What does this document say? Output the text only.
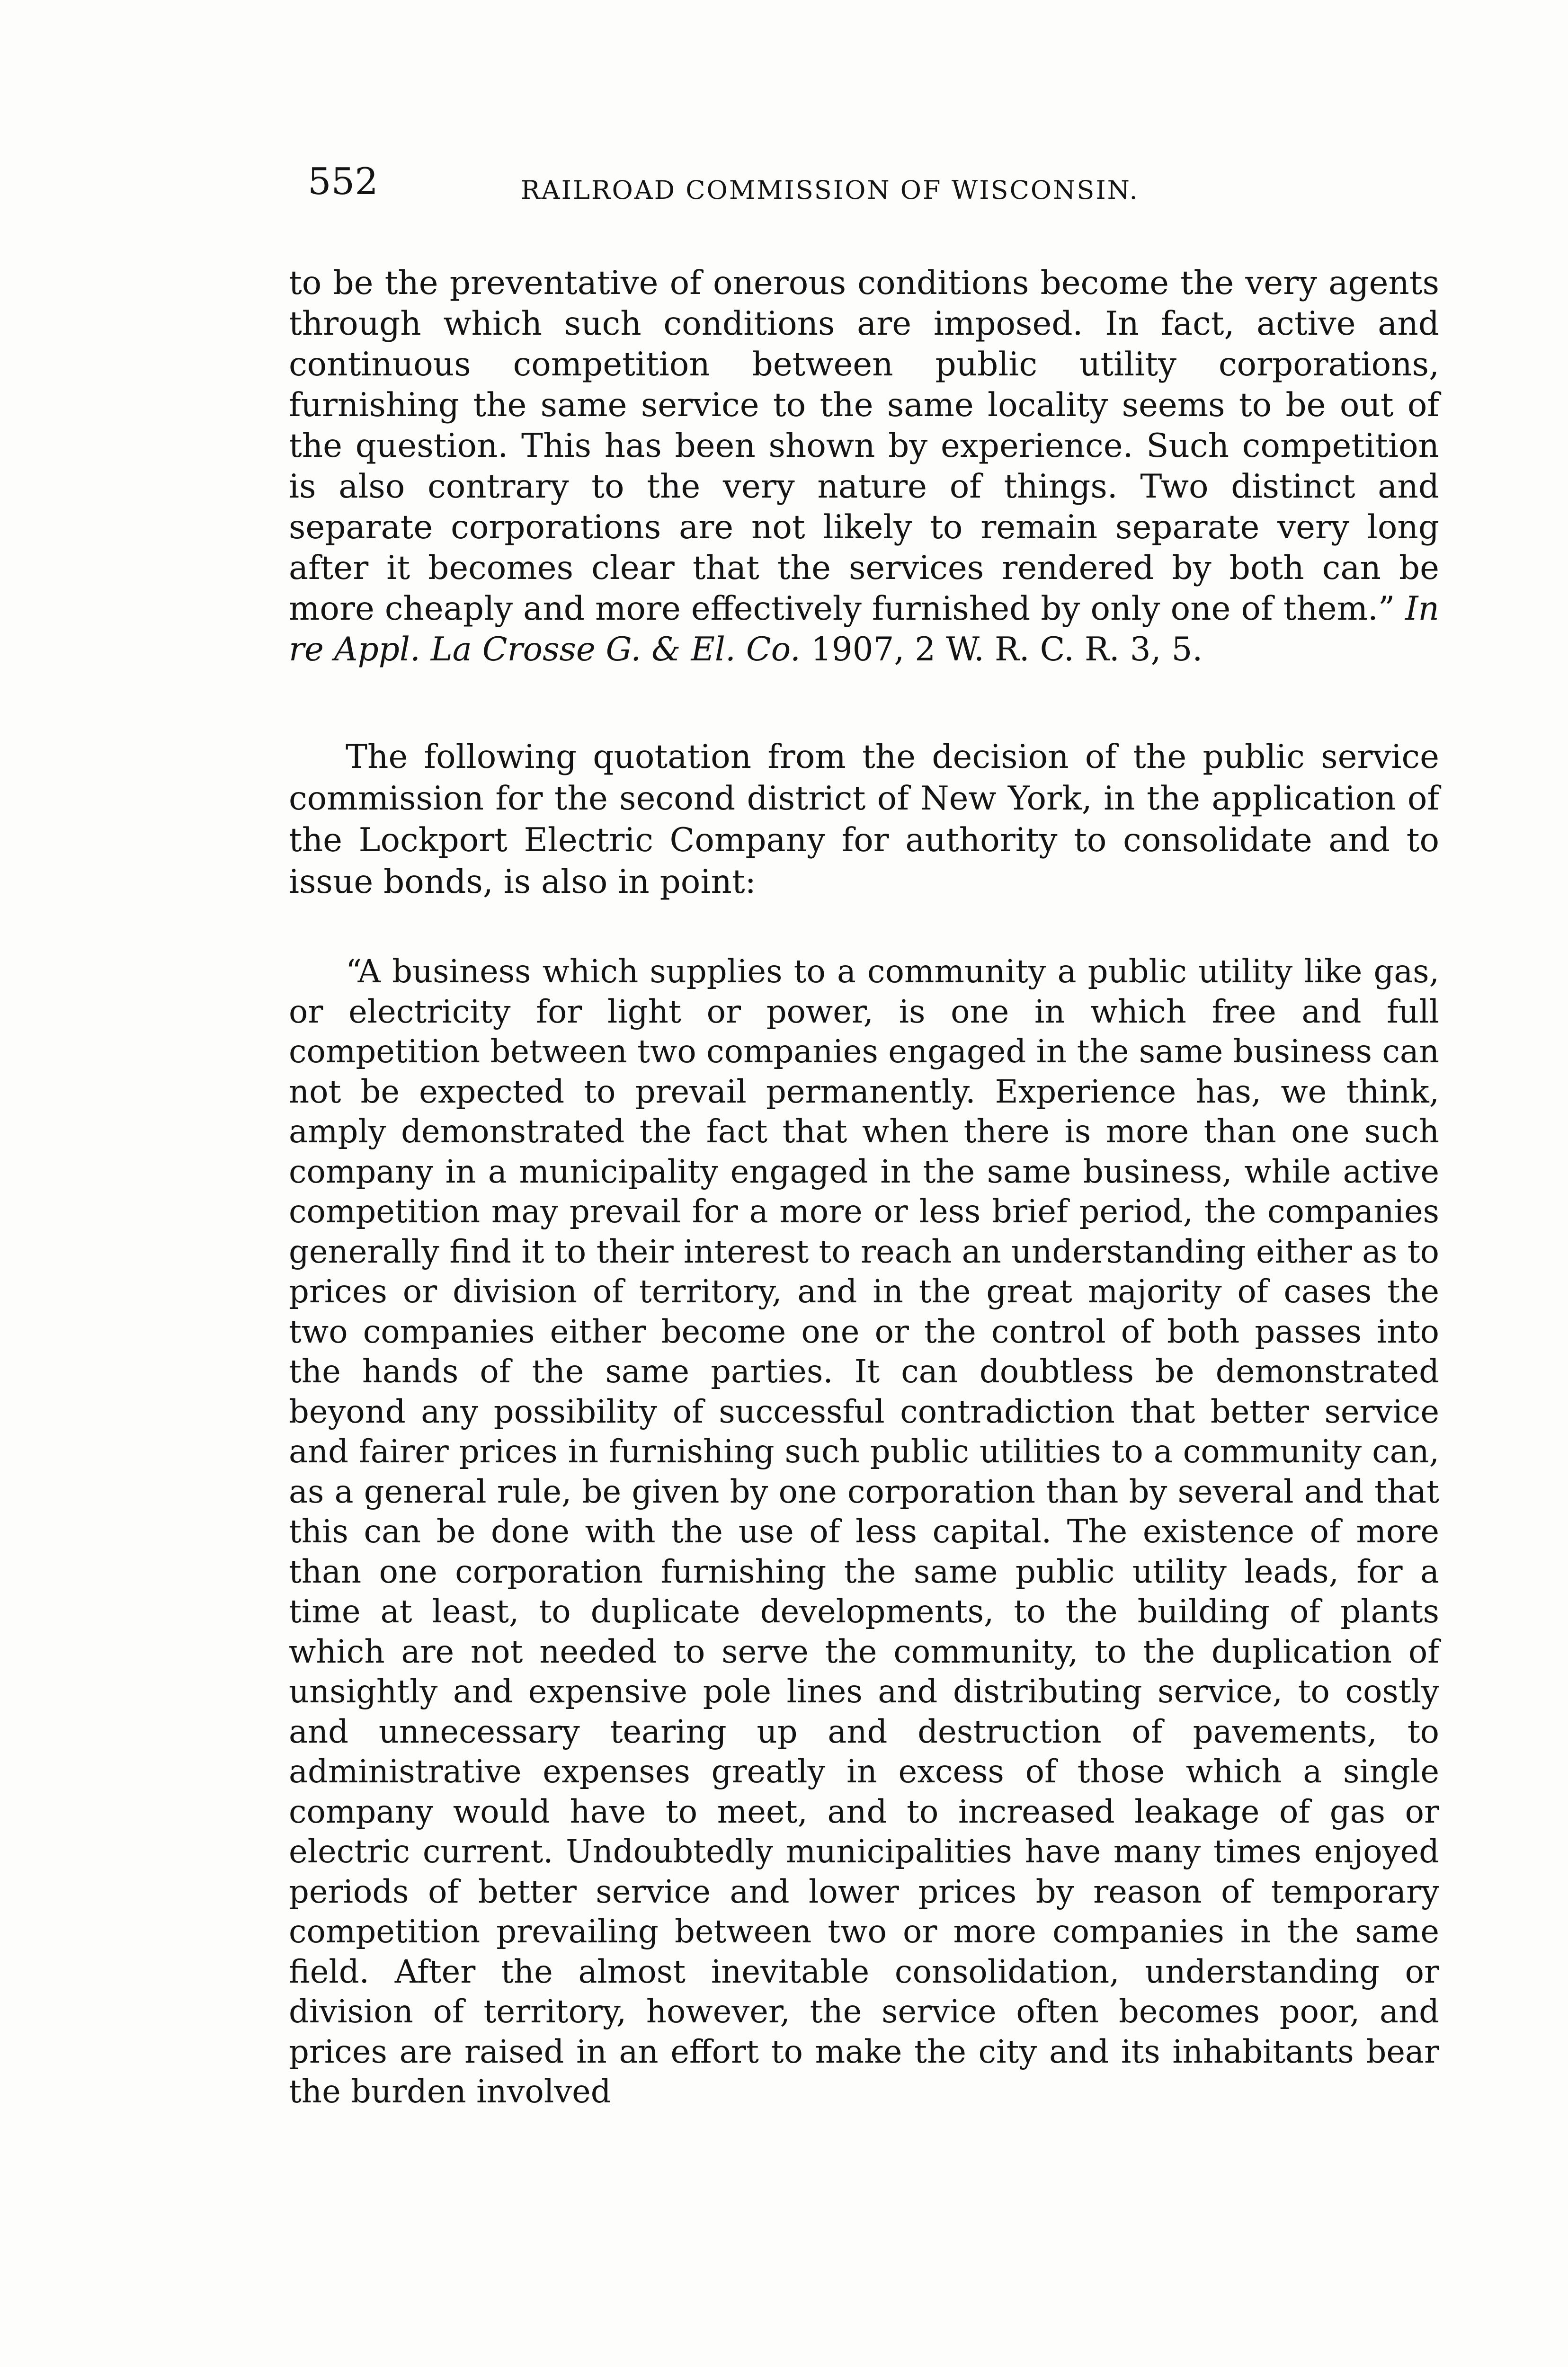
552	RAILROAD COMMISSION OF WISCONSIN.
to be the preventative of onerous conditions become the very agents through which such conditions are imposed. In fact, active and continuous competition between public utility corporations, furnishing the same service to the same locality seems to be out of the question. This has been shown by experience. Such competition is also contrary to the very nature of things. Two distinct and separate corporations are not likely to remain separate very long after it becomes clear that the services rendered by both can be more cheaply and more effectively furnished by only one of them.” In re Appl. La Crosse G. & El. Co. 1907, 2 W. R. C. R. 3, 5.
The following quotation from the decision of the public service commission for the second district of New York, in the application of the Lockport Electric Company for authority to consolidate and to issue bonds, is also in point:
“A business which supplies to a community a public utility like gas, or electricity for light or power, is one in which free and full competition between two companies engaged in the same business can not be expected to prevail permanently. Experience has, we think, amply demonstrated the fact that when there is more than one such company in a municipality engaged in the same business, while active competition may prevail for a more or less brief period, the companies generally find it to their interest to reach an understanding either as to prices or division of territory, and in the great majority of cases the two companies either become one or the control of both passes into the hands of the same parties. It can doubtless be demonstrated beyond any possibility of successful contradiction that better service and fairer prices in furnishing such public utilities to a community can, as a general rule, be given by one corporation than by several and that this can be done with the use of less capital. The existence of more than one corporation furnishing the same public utility leads, for a time at least, to duplicate developments, to the building of plants which are not needed to serve the community, to the duplication of unsightly and expensive pole lines and distributing service, to costly and unnecessary tearing up and destruction of pavements, to administrative expenses greatly in excess of those which a single company would have to meet, and to increased leakage of gas or electric current. Undoubtedly municipalities have many times enjoyed periods of better service and lower prices by reason of temporary competition prevailing between two or more companies in the same field. After the almost inevitable consolidation, understanding or division of territory, however, the service often becomes poor, and prices are raised in an effort to make the city and its inhabitants bear the burden involved
